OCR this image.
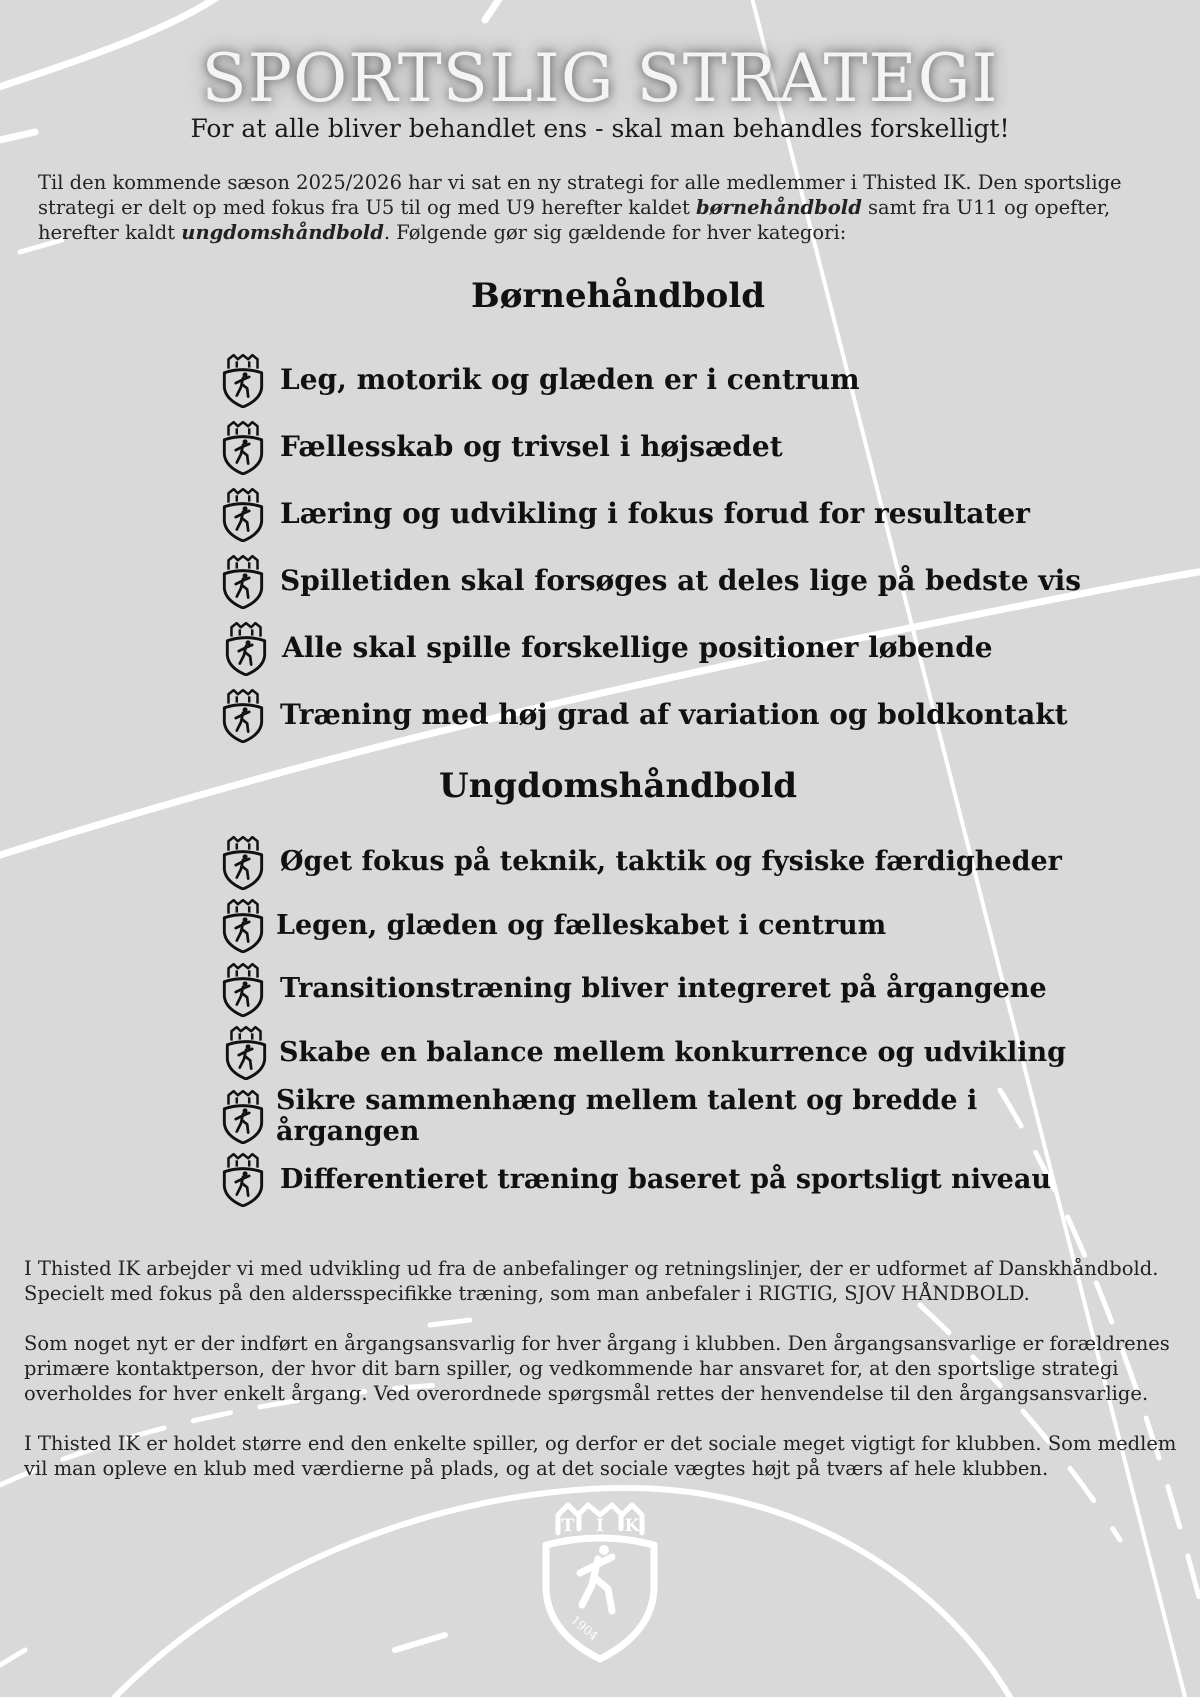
SPORTSLIG STRATEGI
For at alle bliver behandlet ens - skal man behandles forskelligt!
Til den kommende sæson 2025/2026 har vi sat en ny strategi for alle medlemmer i Thisted IK. Den sportslige strategi er delt op med fokus fra U5 til og med U9 herefter kaldet børnehåndbold samt fra U11 og opefter, herefter kaldt ungdomshåndbold. Følgende gør sig gældende for hver kategori:
Børnehåndbold
Leg, motorik og glæden er i centrum
Fællesskab og trivsel i højsædet
Læring og udvikling i fokus forud for resultater
Spilletiden skal forsøges at deles lige på bedste vis
Alle skal spille forskellige positioner løbende
Træning med høj grad af variation og boldkontakt
Ungdomshåndbold
Øget fokus på teknik, taktik og fysiske færdigheder
Legen, glæden og fælleskabet i centrum
Transitionstræning bliver integreret på årgangene
Skabe en balance mellem konkurrence og udvikling
Sikre sammenhæng mellem talent og bredde i årgangen
Differentieret træning baseret på sportsligt niveau

I Thisted IK arbejder vi med udvikling ud fra de anbefalinger og retningslinjer, der er udformet af Danskhåndbold. Specielt med fokus på den aldersspecifikke træning, som man anbefaler i RIGTIG, SJOV HÅNDBOLD.

Som noget nyt er der indført en årgangsansvarlig for hver årgang i klubben. Den årgangsansvarlige er forældrenes primære kontaktperson, der hvor dit barn spiller, og vedkommende har ansvaret for, at den sportslige strategi overholdes for hver enkelt årgang. Ved overordnede spørgsmål rettes der henvendelse til den årgangsansvarlige.

I Thisted IK er holdet større end den enkelte spiller, og derfor er det sociale meget vigtigt for klubben. Som medlem vil man opleve en klub med værdierne på plads, og at det sociale vægtes højt på tværs af hele klubben.

T I K
1904
